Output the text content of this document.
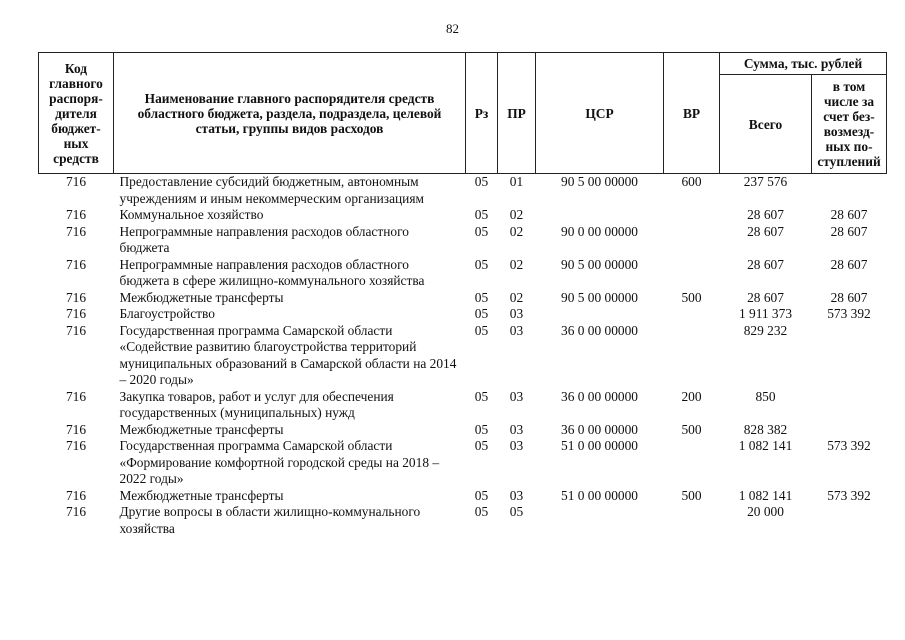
82
Код главного распоря-дителя бюджет-ных средств	Наименование главного распорядителя средств областного бюджета, раздела, подраздела, целевой статьи, группы видов расходов	Рз	ПР	ЦСР	ВР	Сумма, тыс. рублей	
						Всего	в том числе за счет без-возмезд-ных по-ступлений
716	Предоставление субсидий бюджетным, автономным учреждениям и иным некоммерческим организациям	05	01	90 5 00 00000	600	237 576	
716	Коммунальное хозяйство	05	02			28 607	28 607
716	Непрограммные направления расходов областного бюджета	05	02	90 0 00 00000		28 607	28 607
716	Непрограммные направления расходов областного бюджета в сфере жилищно-коммунального хозяйства	05	02	90 5 00 00000		28 607	28 607
716	Межбюджетные трансферты	05	02	90 5 00 00000	500	28 607	28 607
716	Благоустройство	05	03			1 911 373	573 392
716	Государственная программа Самарской области «Содействие развитию благоустройства территорий муниципальных образований в Самарской области на 2014 – 2020 годы»	05	03	36 0 00 00000		829 232	
716	Закупка товаров, работ и услуг для обеспечения государственных (муниципальных) нужд	05	03	36 0 00 00000	200	850	
716	Межбюджетные трансферты	05	03	36 0 00 00000	500	828 382	
716	Государственная программа Самарской области «Формирование комфортной городской среды на 2018 – 2022 годы»	05	03	51 0 00 00000		1 082 141	573 392
716	Межбюджетные трансферты	05	03	51 0 00 00000	500	1 082 141	573 392
716	Другие вопросы в области жилищно-коммунального хозяйства	05	05			20 000	
